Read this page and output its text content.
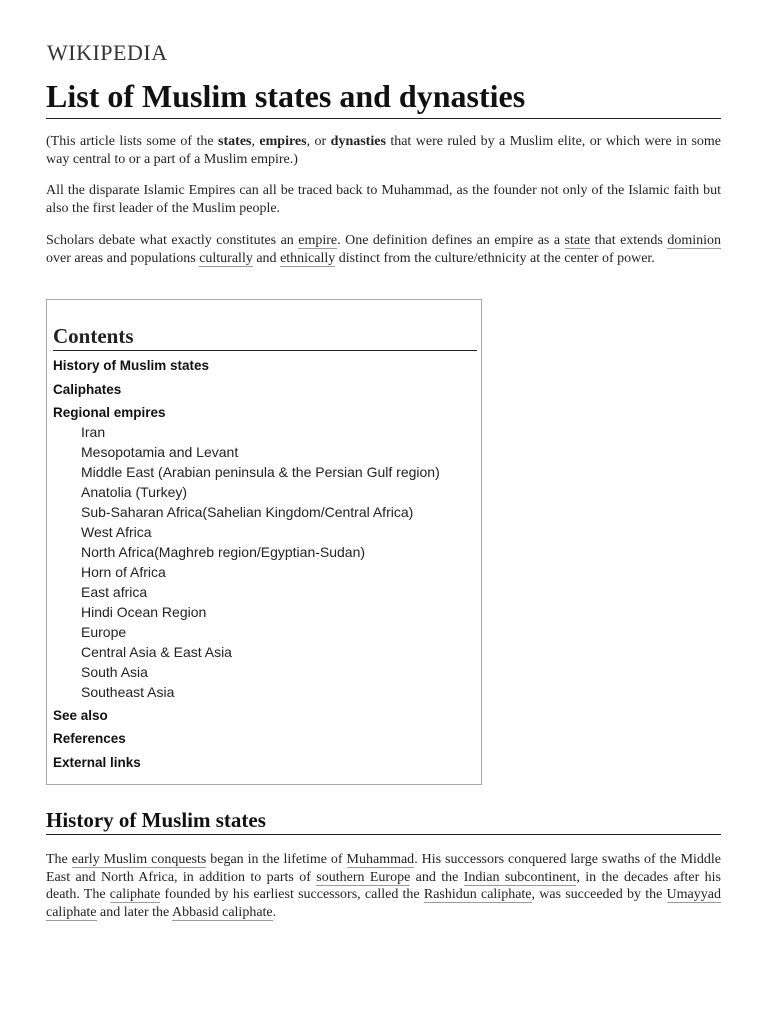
WIKIPEDIA
List of Muslim states and dynasties

(This article lists some of the states, empires, or dynasties that were ruled by a Muslim elite, or which were in some way central to or a part of a Muslim empire.)

All the disparate Islamic Empires can all be traced back to Muhammad, as the founder not only of the Islamic faith but also the first leader of the Muslim people.

Scholars debate what exactly constitutes an empire. One definition defines an empire as a state that extends dominion over areas and populations culturally and ethnically distinct from the culture/ethnicity at the center of power.

Contents
History of Muslim states
Caliphates
Regional empires
Iran
Mesopotamia and Levant
Middle East (Arabian peninsula & the Persian Gulf region)
Anatolia (Turkey)
Sub-Saharan Africa(Sahelian Kingdom/Central Africa)
West Africa
North Africa(Maghreb region/Egyptian-Sudan)
Horn of Africa
East africa
Hindi Ocean Region
Europe
Central Asia & East Asia
South Asia
Southeast Asia
See also
References
External links
History of Muslim states

The early Muslim conquests began in the lifetime of Muhammad. His successors conquered large swaths of the Middle East and North Africa, in addition to parts of southern Europe and the Indian subcontinent, in the decades after his death. The caliphate founded by his earliest successors, called the Rashidun caliphate, was succeeded by the Umayyad caliphate and later the Abbasid caliphate.
